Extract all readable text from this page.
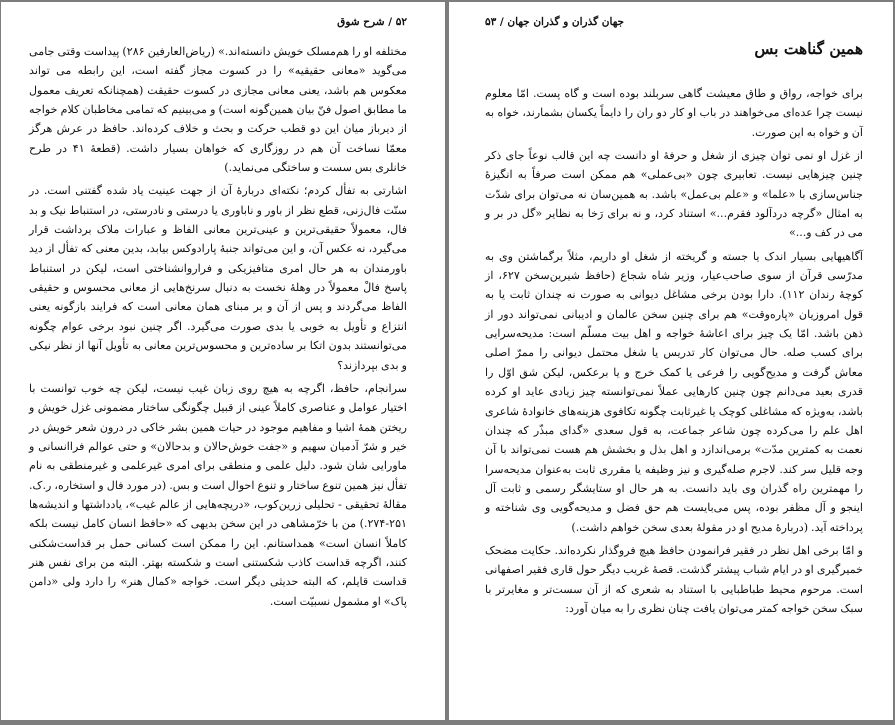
۵۲ / شرح شوق

مختلفه او را هم‌مسلک خویش دانسته‌اند.» (ریاض‌العارفین ۲۸۶) پیداست وقتی جامی می‌گوید «معانی حقیقیه» را در کسوت مجاز گفته است، این رابطه می تواند معکوس هم باشد، یعنی معانی مجازی در کسوت حقیقت (همچنانکه تعریف معمول ما مطابق اصول فنّ بیان همین‌گونه است) و می‌بینیم که تمامی مخاطبان کلام خواجه از دیرباز میان این دو قطب حرکت و بحث و خلاف کرده‌اند. حافظ در عرش هرگز معمّا نساخت آن هم در روزگاری که خواهان بسیار داشت. (قطعهٔ ۴۱ در طرح خانلری بس سست و ساختگی می‌نماید.)

اشارتی به تفأل کردم؛ نکته‌ای دربارهٔ آن از جهت عینیت یاد شده گفتنی است. در سنّت فال‌زنی، قطع نظر از باور و ناباوری یا درستی و نادرستی، در استنباط نیک و بد فال، معمولاً حقیقی‌ترین و عینی‌ترین معانی الفاظ و عبارات ملاک برداشت قرار می‌گیرد، نه عکس آن، و این می‌تواند جنبهٔ پارادوکس بیابد، بدین معنی که تفأل از دید باورمندان به هر حال امری متافیزیکی و فراروانشناختی است، لیکن در استنباط پاسخ فالْ معمولاً در وهلهٔ نخست به دنبال سرنخ‌هایی از معانی محسوس و حقیقی الفاظ می‌گردند و پس از آن و بر مبنای همان معانی است که فرایند بازگونه یعنی انتزاع و تأویل به خوبی یا بدی صورت می‌گیرد. اگر چنین نبود برخی عوام چگونه می‌توانستند بدون اتکا بر ساده‌ترین و محسوس‌ترین معانی به تأویل آنها از نظر نیکی و بدی بپردازند؟

سرانجام، حافظ، اگرچه به هیچ روی زبان غیب نیست، لیکن چه خوب توانست با اختیار عوامل و عناصری کاملاً عینی از قبیل چگونگی ساختار مضمونی غزل خویش و ریختن همهٔ اشیا و مفاهیم موجود در حیات همین بشر خاکی در درون شعر خویش در خیر و شرّ آدمیان سهیم و «جفت خوش‌حالان و بدحالان» و حتی عوالم فراانسانی و ماورایی شان شود. دلیل علمی و منطقی برای امری غیرعلمی و غیرمنطقی به نام تفأل نیز همین تنوع ساختار و تنوع احوال است و بس. (در مورد فال و استخاره، ر.ک. مقالهٔ تحقیقی - تحلیلی زرین‌کوب، «دریچه‌هایی از عالم غیب»، یادداشتها و اندیشه‌ها ۲۵۱-۲۷۴.) من با خرّمشاهی در این سخن بدیهی که «حافظ انسان کامل نیست بلکه کاملاً انسان است» همداستانم. این را ممکن است کسانی حمل بر قداست‌شکنی کنند، اگرچه قداست کاذب شکستنی است و شکسته بهتر. البته من برای نفس هنر قداست قایلم، که البته حدیثی دیگر است. خواجه «کمال هنر» را دارد ولی «دامن پاک» او مشمول نسبیّت است.

جهان گذران و گذران جهان / ۵۳
همین گناهت بس

برای خواجه، رواق و طاق معیشت گاهی سربلند بوده است و گاه پست. امّا معلوم نیست چرا عده‌ای می‌خواهند در باب او کار دو ران را دایماً یکسان بشمارند، خواه به آن و خواه به این صورت.

از غزل او نمی توان چیزی از شغل و حرفهٔ او دانست چه این قالب نوعاً جای ذکر چنین چیزهایی نیست. تعابیری چون «بی‌عملی» هم ممکن است صرفاً به انگیزهٔ جناس‌سازی با «علما» و «علم بی‌عمل» باشد. به همین‌سان نه می‌توان برای شدّت به امثال «گرچه دردآلود فقرم...» استناد کرد، و نه برای رَخا به نظایر «گل در بر و می در کف و...»

آگاهیهایی بسیار اندک یا جسته و گریخته از شغل او داریم، مثلاً برگماشتن وی به مدرّسی قرآن از سوی صاحب‌عیار، وزیر شاه شجاع (حافظ شیرین‌سخن ۶۲۷، از کوچهٔ رندان ۱۱۲). دارا بودن برخی مشاغل دیوانی به صورت نه چندان ثابت یا به قول امروزیان «پاره‌وقت» هم برای چنین سخن عالمان و ادیبانی نمی‌تواند دور از ذهن باشد. امّا یک چیز برای اعاشهٔ خواجه و اهل بیت مسلّم است: مدیحه‌سرایی برای کسب صله. حال می‌توان کار تدریس یا شغل محتمل دیوانی را ممرّ اصلی معاش گرفت و مدیح‌گویی را فرعی یا کمک خرج و یا برعکس، لیکن شق اوّل را قدری بعید می‌دانم چون چنین کارهایی عملاً نمی‌توانسته چیز زیادی عاید او کرده باشد، به‌ویژه که مشاغلی کوچک یا غیرثابت چگونه تکافوی هزینه‌های خانوادهٔ شاعری اهل علم را می‌کرده چون شاعر جماعت، به قول سعدی «گدای مبذّر که چندان نعمت به کمترین مدّت» برمی‌اندازد و اهل بذل و بخشش هم هست نمی‌تواند با آن وجه قلیل سر کند. لاجرم صله‌گیری و نیز وظیفه یا مقرری ثابت به‌عنوان مدیحه‌سرا را مهمترین راه گذران وی باید دانست. به هر حال او ستایشگر رسمی و ثابت آل اینجو و آل مظفر بوده، پس می‌بایست هم حق فضل و مدیحه‌گویی وی شناخته و پرداخته آید. (دربارهٔ مدیح او در مقولهٔ بعدی سخن خواهم داشت.)

و امّا برخی اهل نظر در فقیر فرانمودن حافظ هیچ فروگذار نکرده‌اند. حکایت مضحک خمیرگیری او در ایام شباب پیشتر گذشت. قصهٔ غریب دیگر حول قاری فقیر اصفهانی است. مرحوم محیط طباطبایی با استناد به شعری که از آن سست‌تر و مغایرتر با سبک سخن خواجه کمتر می‌توان یافت چنان نظری را به میان آورد:
